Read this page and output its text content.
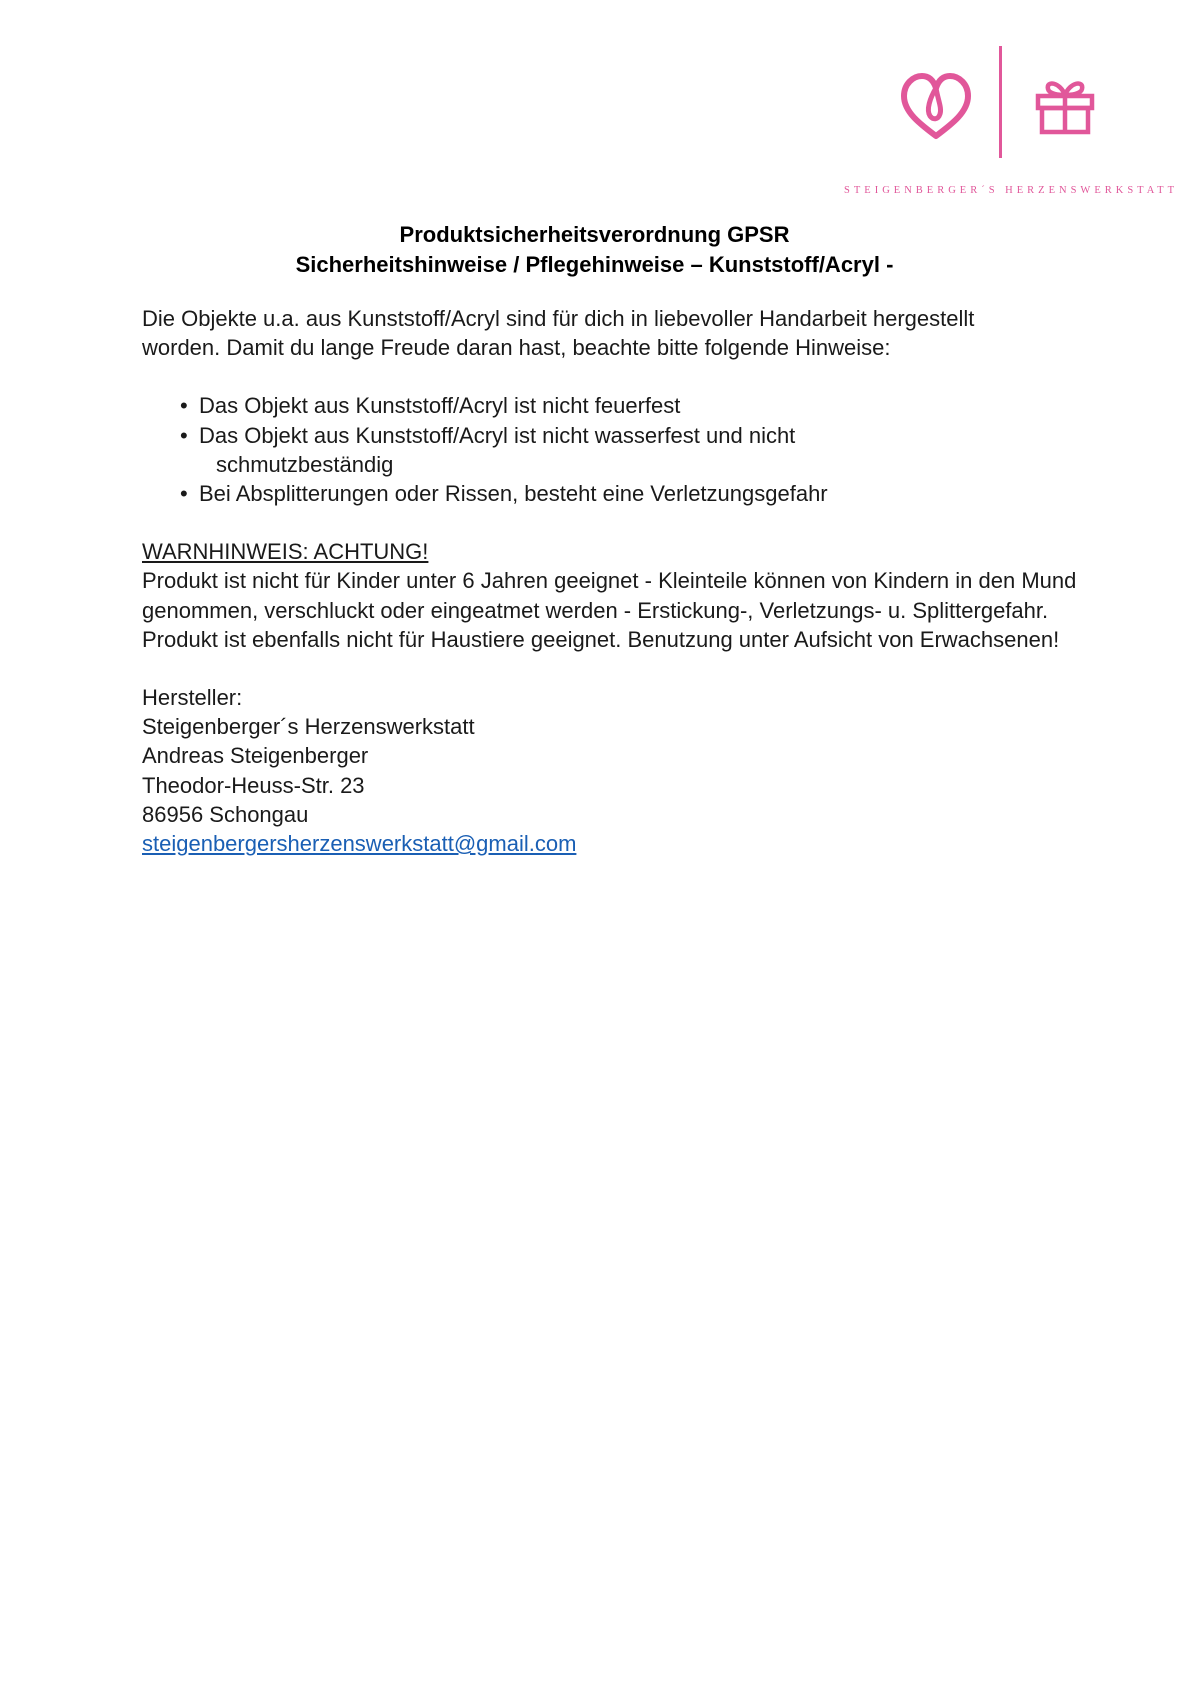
STEIGENBERGER´S HERZENSWERKSTATT
Produktsicherheitsverordnung GPSR
Sicherheitshinweise / Pflegehinweise – Kunststoff/Acryl -

Die Objekte u.a. aus Kunststoff/Acryl sind für dich in liebevoller Handarbeit hergestellt worden. Damit du lange Freude daran hast, beachte bitte folgende Hinweise:

• Das Objekt aus Kunststoff/Acryl ist nicht feuerfest
• Das Objekt aus Kunststoff/Acryl ist nicht wasserfest und nicht
schmutzbeständig
• Bei Absplitterungen oder Rissen, besteht eine Verletzungsgefahr

WARNHINWEIS: ACHTUNG!

Produkt ist nicht für Kinder unter 6 Jahren geeignet - Kleinteile können von Kindern in den Mund genommen, verschluckt oder eingeatmet werden - Erstickung-, Verletzungs- u. Splittergefahr. Produkt ist ebenfalls nicht für Haustiere geeignet. Benutzung unter Aufsicht von Erwachsenen!

Hersteller:

Steigenberger´s Herzenswerkstatt

Andreas Steigenberger

Theodor-Heuss-Str. 23

86956 Schongau

steigenbergersherzenswerkstatt@gmail.com
